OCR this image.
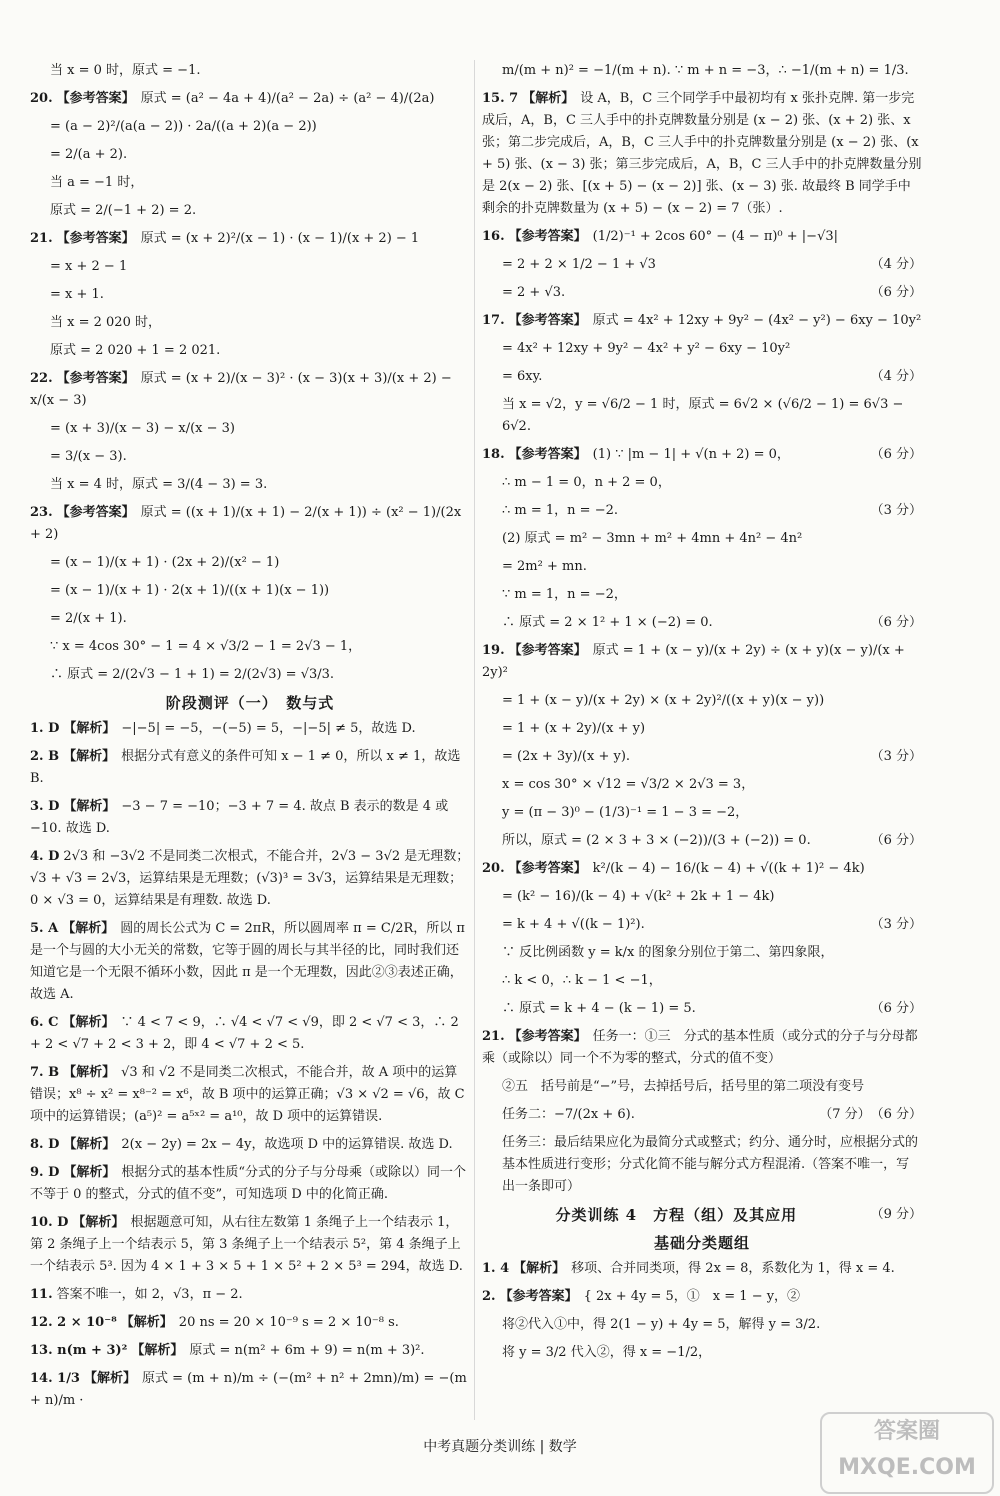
当 x = 0 时，原式 = −1.
20. 【参考答案】 原式 = (a² − 4a + 4)/(a² − 2a) ÷ (a² − 4)/(2a)
= (a − 2)²/(a(a − 2)) · 2a/((a + 2)(a − 2))
= 2/(a + 2).
当 a = −1 时，
原式 = 2/(−1 + 2) = 2.
21. 【参考答案】 原式 = (x + 2)²/(x − 1) · (x − 1)/(x + 2) − 1
= x + 2 − 1
= x + 1.
当 x = 2 020 时，
原式 = 2 020 + 1 = 2 021.
22. 【参考答案】 原式 = (x + 2)/(x − 3)² · (x − 3)(x + 3)/(x + 2) − x/(x − 3)
= (x + 3)/(x − 3) − x/(x − 3)
= 3/(x − 3).
当 x = 4 时，原式 = 3/(4 − 3) = 3.
23. 【参考答案】 原式 = ((x + 1)/(x + 1) − 2/(x + 1)) ÷ (x² − 1)/(2x + 2)
= (x − 1)/(x + 1) · (2x + 2)/(x² − 1)
= (x − 1)/(x + 1) · 2(x + 1)/((x + 1)(x − 1))
= 2/(x + 1).
∵ x = 4cos 30° − 1 = 4 × √3/2 − 1 = 2√3 − 1，
∴ 原式 = 2/(2√3 − 1 + 1) = 2/(2√3) = √3/3.
阶段测评（一）　数与式
1. D 【解析】 −|−5| = −5，−(−5) = 5，−|−5| ≠ 5，故选 D.
2. B 【解析】 根据分式有意义的条件可知 x − 1 ≠ 0，所以 x ≠ 1，故选 B.
3. D 【解析】 −3 − 7 = −10；−3 + 7 = 4. 故点 B 表示的数是 4 或 −10. 故选 D.
4. D 2√3 和 −3√2 不是同类二次根式，不能合并，2√3 − 3√2 是无理数；√3 + √3 = 2√3，运算结果是无理数；(√3)³ = 3√3，运算结果是无理数；0 × √3 = 0，运算结果是有理数. 故选 D.
5. A 【解析】 圆的周长公式为 C = 2πR，所以圆周率 π = C/2R，所以 π 是一个与圆的大小无关的常数，它等于圆的周长与其半径的比，同时我们还知道它是一个无限不循环小数，因此 π 是一个无理数，因此②③表述正确，故选 A.
6. C 【解析】 ∵ 4 < 7 < 9，∴ √4 < √7 < √9，即 2 < √7 < 3，∴ 2 + 2 < √7 + 2 < 3 + 2，即 4 < √7 + 2 < 5.
7. B 【解析】 √3 和 √2 不是同类二次根式，不能合并，故 A 项中的运算错误；x⁸ ÷ x² = x⁸⁻² = x⁶，故 B 项中的运算正确；√3 × √2 = √6，故 C 项中的运算错误；(a⁵)² = a⁵ˣ² = a¹⁰，故 D 项中的运算错误.
8. D 【解析】 2(x − 2y) = 2x − 4y，故选项 D 中的运算错误. 故选 D.
9. D 【解析】 根据分式的基本性质“分式的分子与分母乘（或除以）同一个不等于 0 的整式，分式的值不变”，可知选项 D 中的化简正确.
10. D 【解析】 根据题意可知，从右往左数第 1 条绳子上一个结表示 1，第 2 条绳子上一个结表示 5，第 3 条绳子上一个结表示 5²，第 4 条绳子上一个结表示 5³. 因为 4 × 1 + 3 × 5 + 1 × 5² + 2 × 5³ = 294，故选 D.
11. 答案不唯一，如 2，√3，π − 2.
12. 2 × 10⁻⁸ 【解析】 20 ns = 20 × 10⁻⁹ s = 2 × 10⁻⁸ s.
13. n(m + 3)² 【解析】 原式 = n(m² + 6m + 9) = n(m + 3)².
14. 1/3 【解析】 原式 = (m + n)/m ÷ (−(m² + n² + 2mn)/m) = −(m + n)/m ·
m/(m + n)² = −1/(m + n). ∵ m + n = −3，∴ −1/(m + n) = 1/3.
15. 7 【解析】 设 A，B，C 三个同学手中最初均有 x 张扑克牌. 第一步完成后，A，B，C 三人手中的扑克牌数量分别是 (x − 2) 张、(x + 2) 张、x 张；第二步完成后，A，B，C 三人手中的扑克牌数量分别是 (x − 2) 张、(x + 5) 张、(x − 3) 张；第三步完成后，A，B，C 三人手中的扑克牌数量分别是 2(x − 2) 张、[(x + 5) − (x − 2)] 张、(x − 3) 张. 故最终 B 同学手中剩余的扑克牌数量为 (x + 5) − (x − 2) = 7（张）.
16. 【参考答案】 (1/2)⁻¹ + 2cos 60° − (4 − π)⁰ + |−√3|
（4 分）
= 2 + 2 × 1/2 − 1 + √3
（6 分）
= 2 + √3.
17. 【参考答案】 原式 = 4x² + 12xy + 9y² − (4x² − y²) − 6xy − 10y²
= 4x² + 12xy + 9y² − 4x² + y² − 6xy − 10y²
（4 分）
= 6xy.
当 x = √2，y = √6/2 − 1 时，原式 = 6√2 × (√6/2 − 1) = 6√3 − 6√2.
（6 分）
18. 【参考答案】 (1) ∵ |m − 1| + √(n + 2) = 0，
∴ m − 1 = 0，n + 2 = 0，
（3 分）
∴ m = 1，n = −2.
(2) 原式 = m² − 3mn + m² + 4mn + 4n² − 4n²
= 2m² + mn.
∵ m = 1，n = −2，
（6 分）
∴ 原式 = 2 × 1² + 1 × (−2) = 0.
19. 【参考答案】 原式 = 1 + (x − y)/(x + 2y) ÷ (x + y)(x − y)/(x + 2y)²
= 1 + (x − y)/(x + 2y) × (x + 2y)²/((x + y)(x − y))
= 1 + (x + 2y)/(x + y)
（3 分）
= (2x + 3y)/(x + y).
x = cos 30° × √12 = √3/2 × 2√3 = 3，
y = (π − 3)⁰ − (1/3)⁻¹ = 1 − 3 = −2，
（6 分）
所以，原式 = (2 × 3 + 3 × (−2))/(3 + (−2)) = 0.
20. 【参考答案】 k²/(k − 4) − 16/(k − 4) + √((k + 1)² − 4k)
= (k² − 16)/(k − 4) + √(k² + 2k + 1 − 4k)
（3 分）
= k + 4 + √((k − 1)²).
∵ 反比例函数 y = k/x 的图象分别位于第二、第四象限，
∴ k < 0，∴ k − 1 < −1，
（6 分）
∴ 原式 = k + 4 − (k − 1) = 5.
21. 【参考答案】 任务一：①三　分式的基本性质（或分式的分子与分母都乘（或除以）同一个不为零的整式，分式的值不变）
②五　括号前是“−”号，去掉括号后，括号里的第二项没有变号
（6 分）
（7 分）
任务二：−7/(2x + 6).
任务三：最后结果应化为最简分式或整式；约分、通分时，应根据分式的基本性质进行变形；分式化简不能与解分式方程混淆.（答案不唯一，写出一条即可）
（9 分）
分类训练 4　方程（组）及其应用
基础分类题组
1. 4 【解析】 移项、合并同类项，得 2x = 8，系数化为 1，得 x = 4.
2. 【参考答案】 { 2x + 4y = 5，①　x = 1 − y，②
将②代入①中，得 2(1 − y) + 4y = 5，解得 y = 3/2.
将 y = 3/2 代入②，得 x = −1/2，
中考真题分类训练 | 数学
答案圈 MXQE.COM
